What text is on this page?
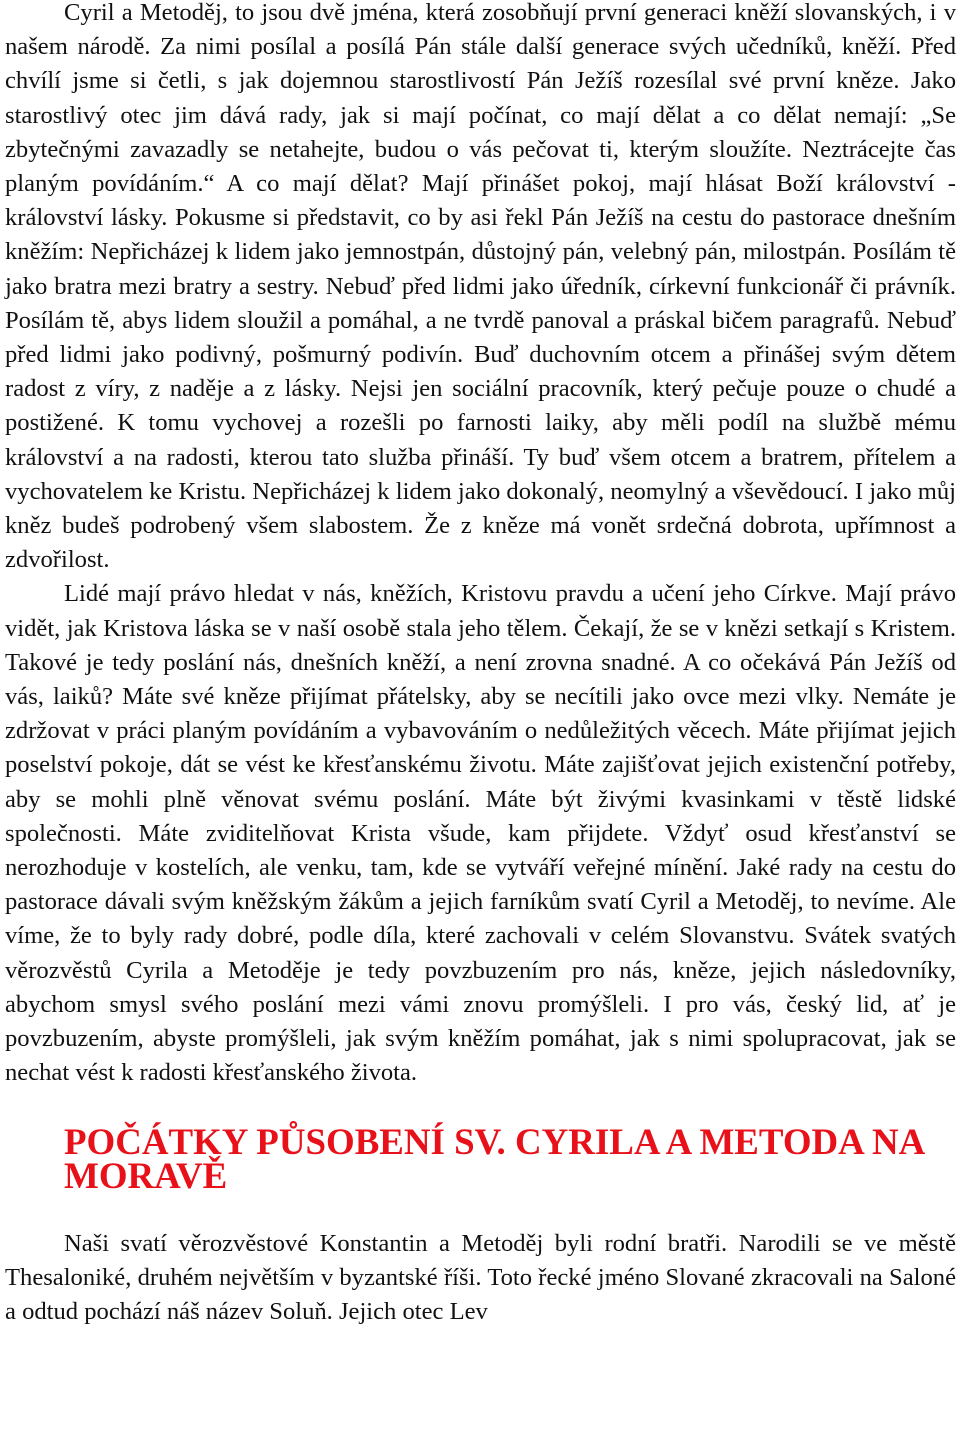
Cyril a Metoděj, to jsou dvě jména, která zosobňují první generaci kněží slovanských, i v našem národě. Za nimi posílal a posílá Pán stále další generace svých učedníků, kněží. Před chvílí jsme si četli, s jak dojemnou starostlivostí Pán Ježíš rozesílal své první kněze. Jako starostlivý otec jim dává rady, jak si mají počínat, co mají dělat a co dělat nemají: „Se zbytečnými zavazadly se netahejte, budou o vás pečovat ti, kterým sloužíte. Neztrácejte čas planým povídáním.“ A co mají dělat? Mají přinášet pokoj, mají hlásat Boží království - království lásky. Pokusme si představit, co by asi řekl Pán Ježíš na cestu do pastorace dnešním kněžím: Nepřicházej k lidem jako jemnostpán, důstojný pán, velebný pán, milostpán. Posílám tě jako bratra mezi bratry a sestry. Nebuď před lidmi jako úředník, církevní funkcionář či právník. Posílám tě, abys lidem sloužil a pomáhal, a ne tvrdě panoval a práskal bičem paragrafů. Nebuď před lidmi jako podivný, pošmurný podivín. Buď duchovním otcem a přinášej svým dětem radost z víry, z naděje a z lásky. Nejsi jen sociální pracovník, který pečuje pouze o chudé a postižené. K tomu vychovej a rozešli po farnosti laiky, aby měli podíl na službě mému království a na radosti, kterou tato služba přináší. Ty buď všem otcem a bratrem, přítelem a vychovatelem ke Kristu. Nepřicházej k lidem jako dokonalý, neomylný a vševědoucí. I jako můj kněz budeš podrobený všem slabostem. Že z kněze má vonět srdečná dobrota, upřímnost a zdvořilost.

Lidé mají právo hledat v nás, kněžích, Kristovu pravdu a učení jeho Církve. Mají právo vidět, jak Kristova láska se v naší osobě stala jeho tělem. Čekají, že se v knězi setkají s Kristem. Takové je tedy poslání nás, dnešních kněží, a není zrovna snadné. A co očekává Pán Ježíš od vás, laiků? Máte své kněze přijímat přátelsky, aby se necítili jako ovce mezi vlky. Nemáte je zdržovat v práci planým povídáním a vybavováním o nedůležitých věcech. Máte přijímat jejich poselství pokoje, dát se vést ke křesťanskému životu. Máte zajišťovat jejich existenční potřeby, aby se mohli plně věnovat svému poslání. Máte být živými kvasinkami v těstě lidské společnosti. Máte zviditelňovat Krista všude, kam přijdete. Vždyť osud křesťanství se nerozhoduje v kostelích, ale venku, tam, kde se vytváří veřejné mínění. Jaké rady na cestu do pastorace dávali svým kněžským žákům a jejich farníkům svatí Cyril a Metoděj, to nevíme. Ale víme, že to byly rady dobré, podle díla, které zachovali v celém Slovanstvu. Svátek svatých věrozvěstů Cyrila a Metoděje je tedy povzbuzením pro nás, kněze, jejich následovníky, abychom smysl svého poslání mezi vámi znovu promýšleli. I pro vás, český lid, ať je povzbuzením, abyste promýšleli, jak svým kněžím pomáhat, jak s nimi spolupracovat, jak se nechat vést k radosti křesťanského života.

POČÁTKY PŮSOBENÍ SV. CYRILA A METODA NA MORAVĚ

Naši svatí věrozvěstové Konstantin a Metoděj byli rodní bratři. Narodili se ve městě Thesaloniké, druhém největším v byzantské říši. Toto řecké jméno Slované zkracovali na Saloné a odtud pochází náš název Soluň. Jejich otec Lev
